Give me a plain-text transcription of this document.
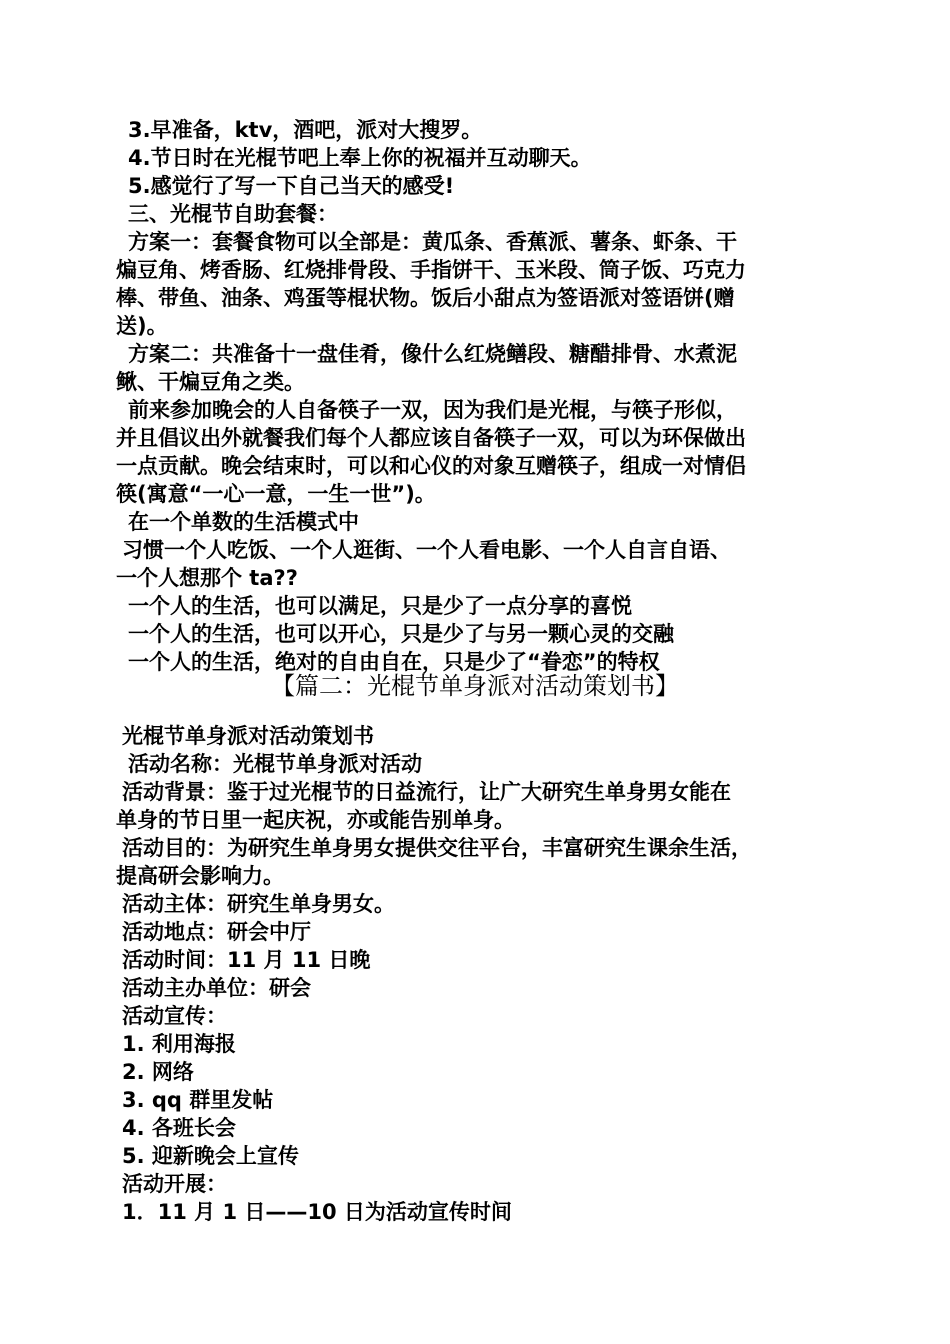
3.早准备，ktv，酒吧，派对大搜罗。
4.节日时在光棍节吧上奉上你的祝福并互动聊天。
5.感觉行了写一下自己当天的感受!
三、光棍节自助套餐：
方案一：套餐食物可以全部是：黄瓜条、香蕉派、薯条、虾条、干
煸豆角、烤香肠、红烧排骨段、手指饼干、玉米段、筒子饭、巧克力
棒、带鱼、油条、鸡蛋等棍状物。饭后小甜点为签语派对签语饼(赠
送)。
方案二：共准备十一盘佳肴，像什么红烧鳝段、糖醋排骨、水煮泥
鳅、干煸豆角之类。
前来参加晚会的人自备筷子一双，因为我们是光棍，与筷子形似，
并且倡议出外就餐我们每个人都应该自备筷子一双，可以为环保做出
一点贡献。晚会结束时，可以和心仪的对象互赠筷子，组成一对情侣
筷(寓意“一心一意，一生一世”)。
在一个单数的生活模式中
习惯一个人吃饭、一个人逛街、一个人看电影、一个人自言自语、
一个人想那个 ta??
一个人的生活，也可以满足，只是少了一点分享的喜悦
一个人的生活，也可以开心，只是少了与另一颗心灵的交融
一个人的生活，绝对的自由自在，只是少了“眷恋”的特权
【篇二：光棍节单身派对活动策划书】
光棍节单身派对活动策划书
活动名称：光棍节单身派对活动
活动背景：鉴于过光棍节的日益流行，让广大研究生单身男女能在
单身的节日里一起庆祝，亦或能告别单身。
活动目的：为研究生单身男女提供交往平台，丰富研究生课余生活，
提高研会影响力。
活动主体：研究生单身男女。
活动地点：研会中厅
活动时间：11 月 11 日晚
活动主办单位：研会
活动宣传：
1. 利用海报
2. 网络
3. qq 群里发帖
4. 各班长会
5. 迎新晚会上宣传
活动开展：
1．11 月 1 日——10 日为活动宣传时间
